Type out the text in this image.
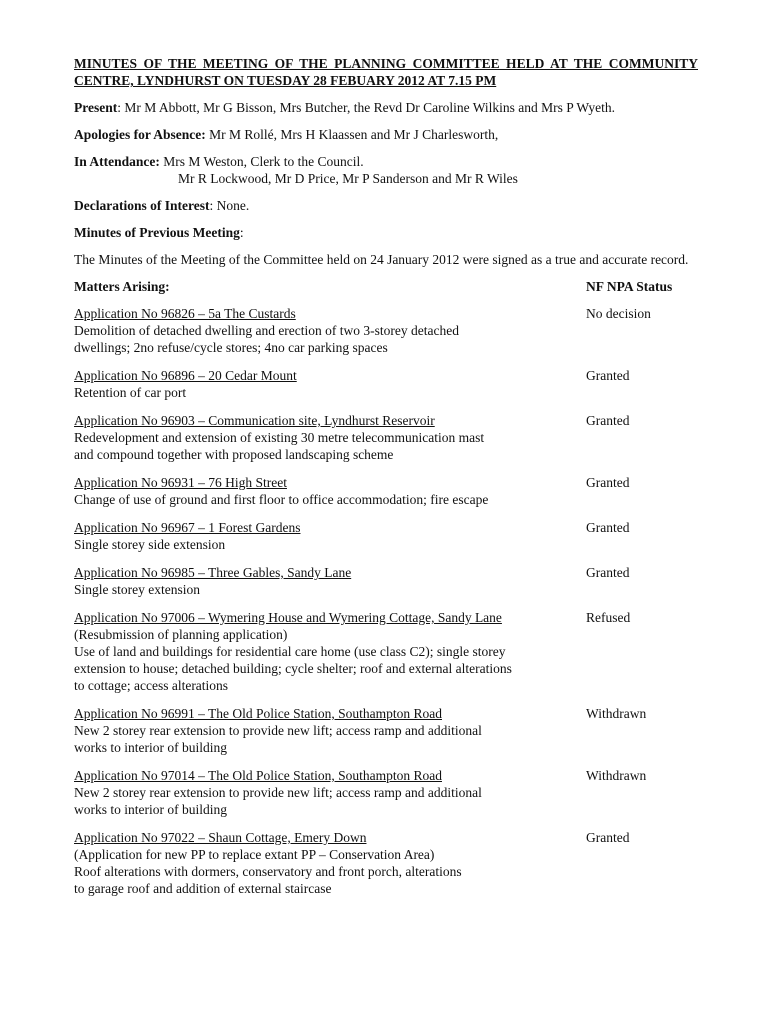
MINUTES OF THE MEETING OF THE PLANNING COMMITTEE HELD AT THE COMMUNITY CENTRE, LYNDHURST ON TUESDAY 28 FEBUARY 2012 AT 7.15 PM
Present: Mr M Abbott, Mr G Bisson, Mrs Butcher, the Revd Dr Caroline Wilkins and Mrs P Wyeth.
Apologies for Absence: Mr M Rollé, Mrs H Klaassen and Mr J Charlesworth,
In Attendance: Mrs M Weston, Clerk to the Council.
Mr R Lockwood, Mr D Price, Mr P Sanderson and Mr R Wiles
Declarations of Interest: None.
Minutes of Previous Meeting:
The Minutes of the Meeting of the Committee held on 24 January 2012 were signed as a true and accurate record.
Matters Arising:	NF NPA Status
Application No 96826 – 5a The Custards
Demolition of detached dwelling and erection of two 3-storey detached
dwellings; 2no refuse/cycle stores; 4no car parking spaces
No decision
Application No 96896 – 20 Cedar Mount
Retention of car port
Granted
Application No 96903 – Communication site, Lyndhurst Reservoir
Redevelopment and extension of existing 30 metre telecommunication mast
and compound together with proposed landscaping scheme
Granted
Application No 96931 – 76 High Street
Change of use of ground and first floor to office accommodation; fire escape
Granted
Application No 96967 – 1 Forest Gardens
Single storey side extension
Granted
Application No 96985 – Three Gables, Sandy Lane
Single storey extension
Granted
Application No 97006 – Wymering House and Wymering Cottage, Sandy Lane
(Resubmission of planning application)
Use of land and buildings for residential care home (use class C2); single storey
extension to house; detached building; cycle shelter; roof and external alterations
to cottage; access alterations
Refused
Application No 96991 – The Old Police Station, Southampton Road
New 2 storey rear extension to provide new lift; access ramp and additional
works to interior of building
Withdrawn
Application No 97014 – The Old Police Station, Southampton Road
New 2 storey rear extension to provide new lift; access ramp and additional
works to interior of building
Withdrawn
Application No 97022 – Shaun Cottage, Emery Down
(Application for new PP to replace extant PP – Conservation Area)
Roof alterations with dormers, conservatory and front porch, alterations
to garage roof and addition of external staircase
Granted
